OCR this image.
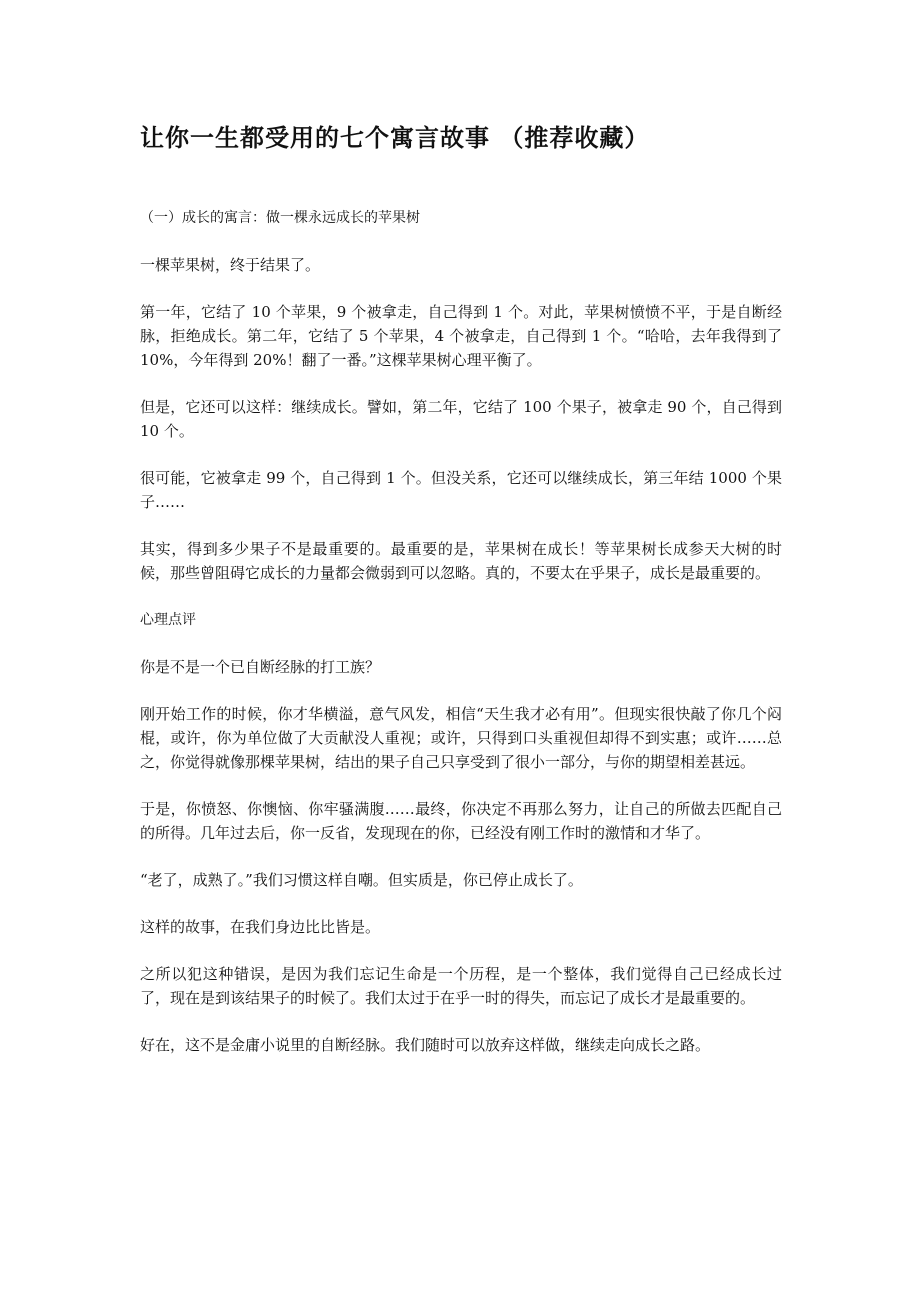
让你一生都受用的七个寓言故事 （推荐收藏）

（一）成长的寓言：做一棵永远成长的苹果树

一棵苹果树，终于结果了。

第一年，它结了 10 个苹果，9 个被拿走，自己得到 1 个。对此，苹果树愤愤不平，于是自断经脉，拒绝成长。第二年，它结了 5 个苹果，4 个被拿走，自己得到 1 个。“哈哈，去年我得到了 10%，今年得到 20%！翻了一番。”这棵苹果树心理平衡了。

但是，它还可以这样：继续成长。譬如，第二年，它结了 100 个果子，被拿走 90 个，自己得到 10 个。

很可能，它被拿走 99 个，自己得到 1 个。但没关系，它还可以继续成长，第三年结 1000 个果子……

其实，得到多少果子不是最重要的。最重要的是，苹果树在成长！等苹果树长成参天大树的时候，那些曾阻碍它成长的力量都会微弱到可以忽略。真的，不要太在乎果子，成长是最重要的。

心理点评

你是不是一个已自断经脉的打工族？

刚开始工作的时候，你才华横溢，意气风发，相信“天生我才必有用”。但现实很快敲了你几个闷棍，或许，你为单位做了大贡献没人重视；或许，只得到口头重视但却得不到实惠；或许……总之，你觉得就像那棵苹果树，结出的果子自己只享受到了很小一部分，与你的期望相差甚远。

于是，你愤怒、你懊恼、你牢骚满腹……最终，你决定不再那么努力，让自己的所做去匹配自己的所得。几年过去后，你一反省，发现现在的你，已经没有刚工作时的激情和才华了。

“老了，成熟了。”我们习惯这样自嘲。但实质是，你已停止成长了。

这样的故事，在我们身边比比皆是。

之所以犯这种错误，是因为我们忘记生命是一个历程，是一个整体，我们觉得自己已经成长过了，现在是到该结果子的时候了。我们太过于在乎一时的得失，而忘记了成长才是最重要的。

好在，这不是金庸小说里的自断经脉。我们随时可以放弃这样做，继续走向成长之路。
